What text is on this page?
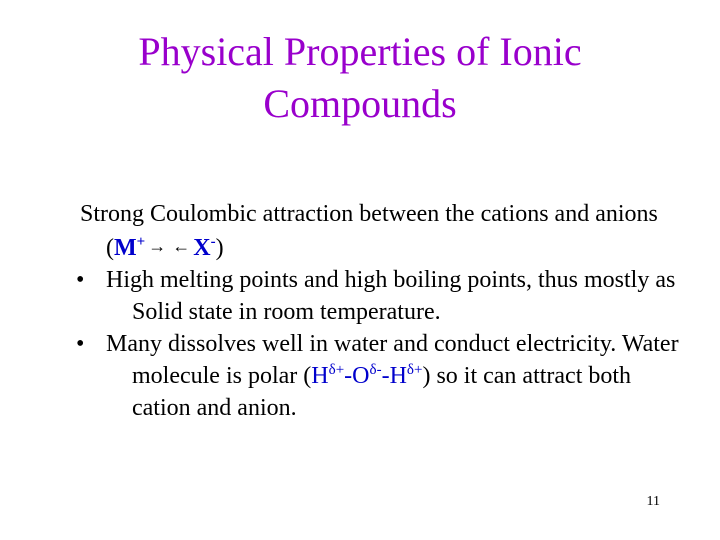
Physical Properties of Ionic Compounds

Strong Coulombic attraction between the cations and anions (M+ → ← X-)

• High melting points and high boiling points, thus mostly as Solid state in room temperature.
• Many dissolves well in water and conduct electricity. Water molecule is polar $(H^{\delta+}-O^{\delta-}-H^{\delta+})$ so it can attract both cation and anion.
11
